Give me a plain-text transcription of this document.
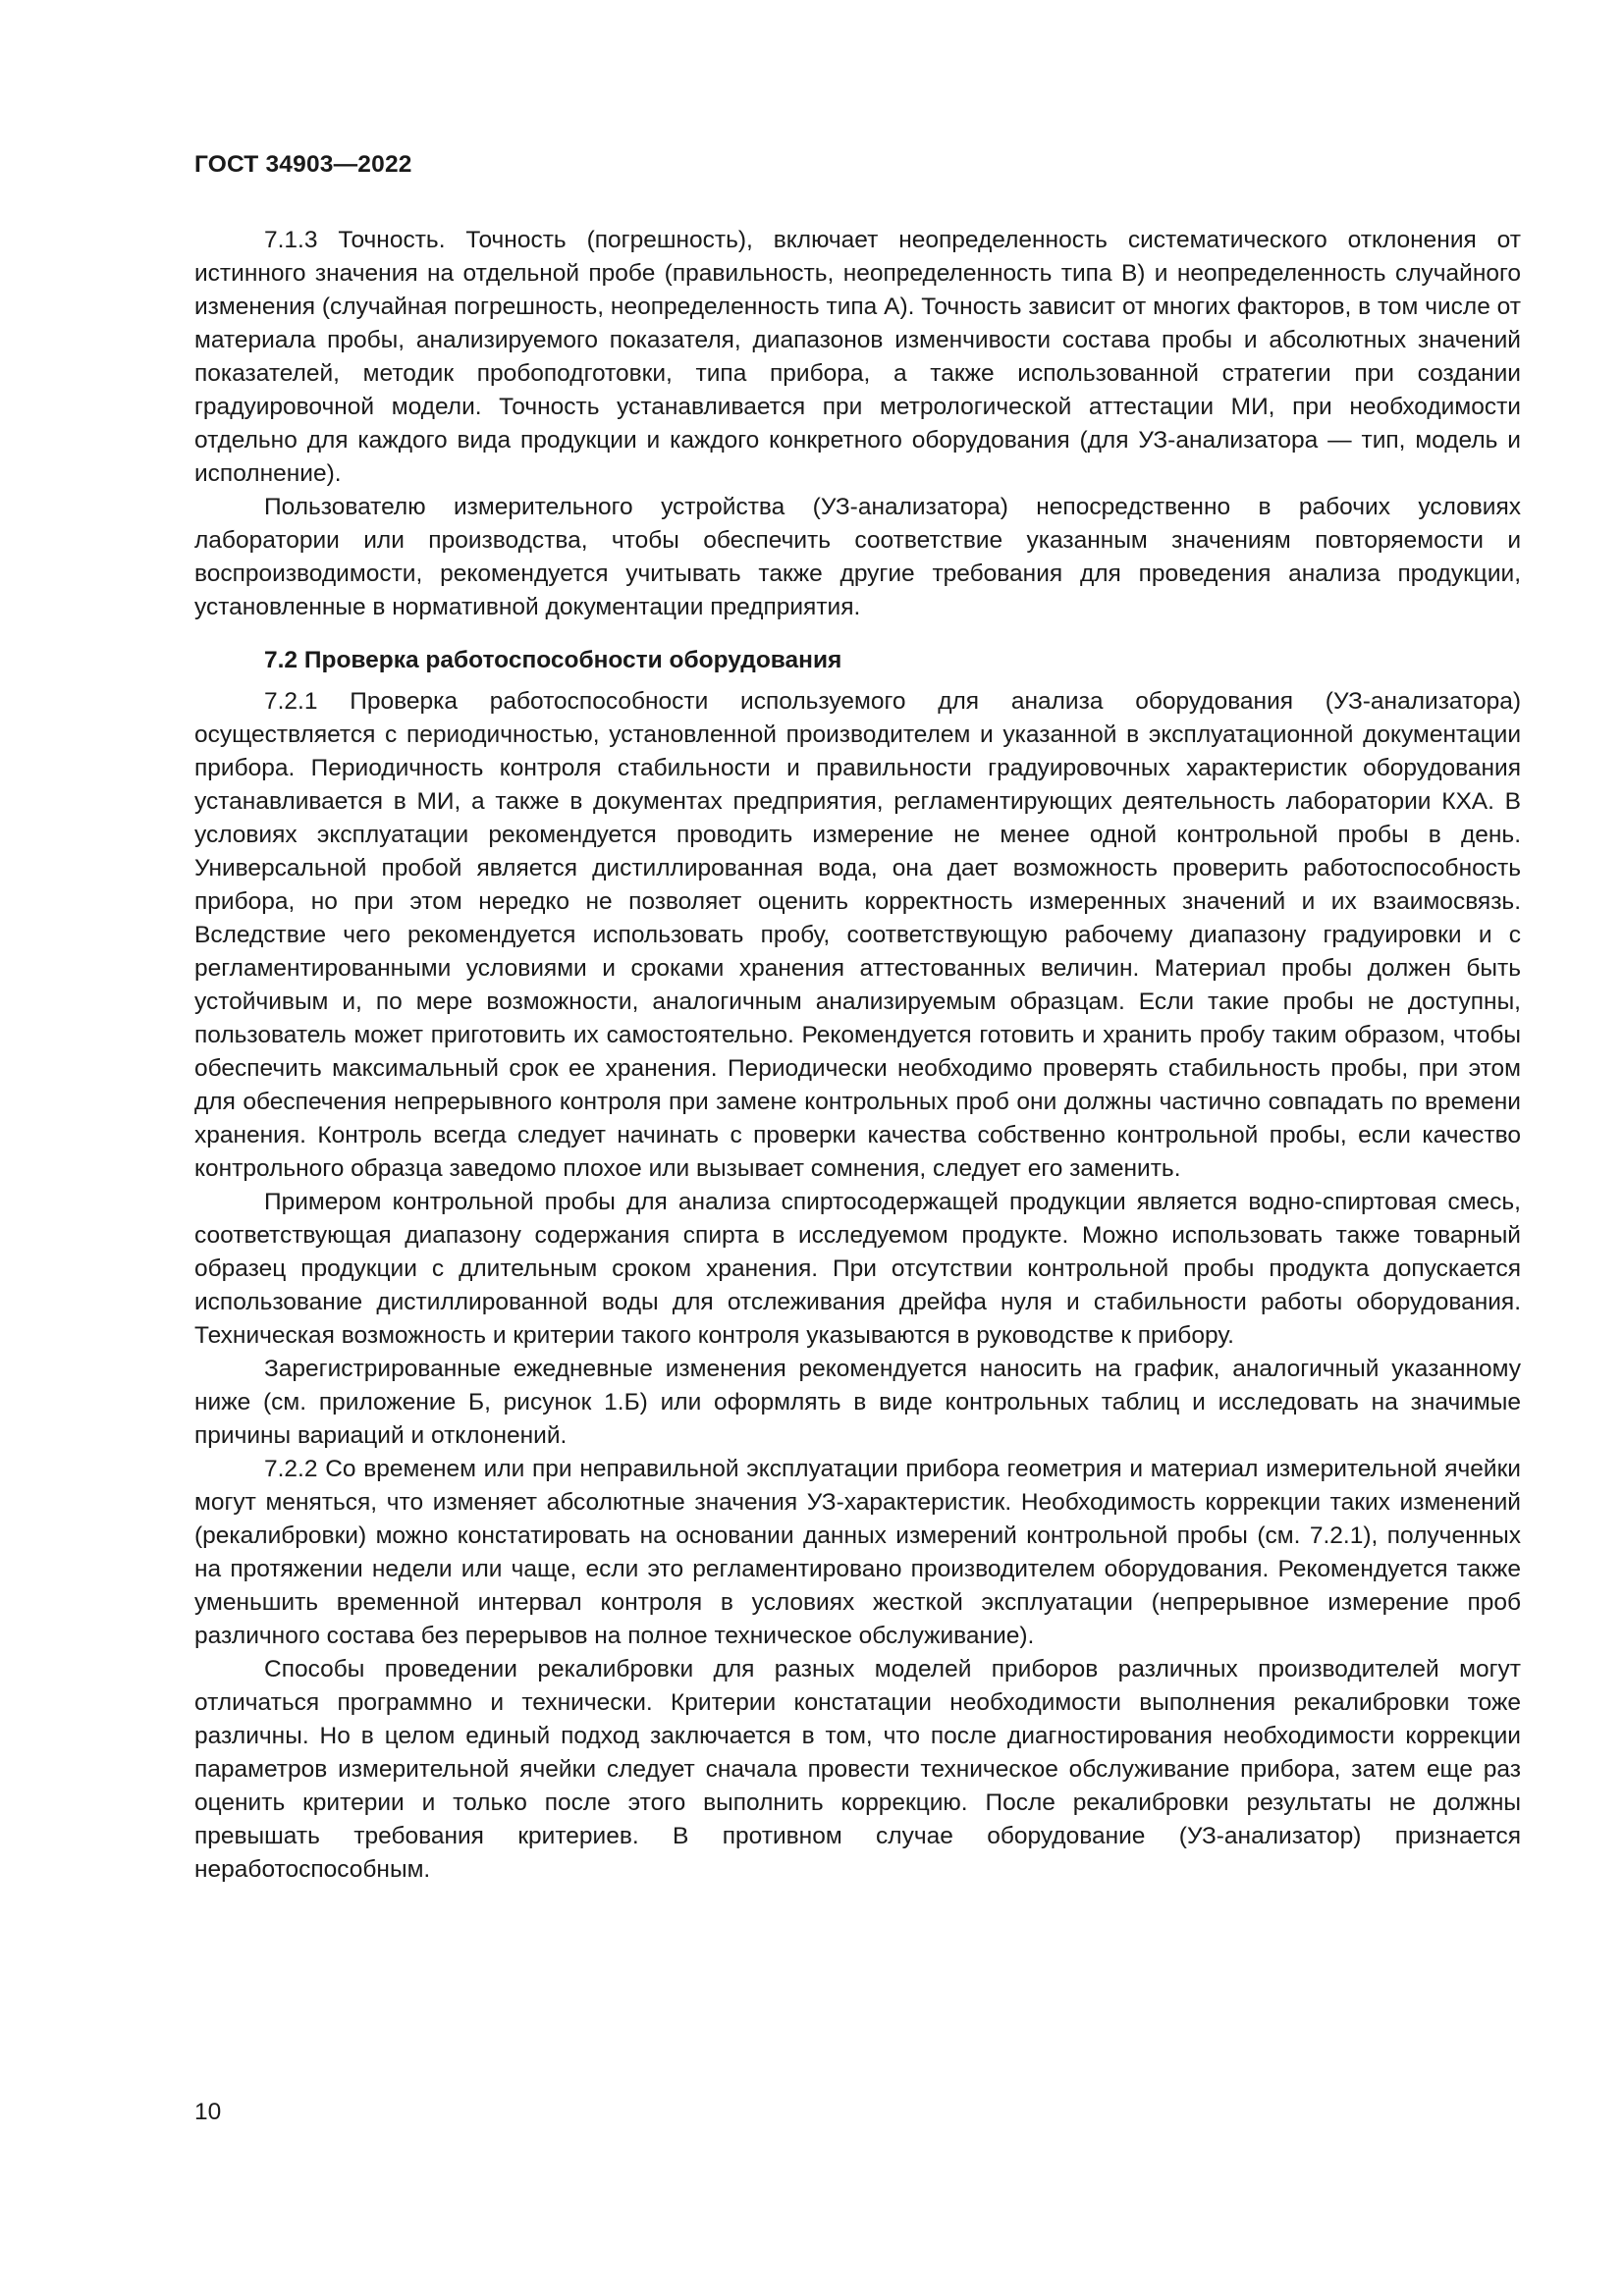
ГОСТ 34903—2022

7.1.3 Точность. Точность (погрешность), включает неопределенность систематического отклонения от истинного значения на отдельной пробе (правильность, неопределенность типа В) и неопределенность случайного изменения (случайная погрешность, неопределенность типа А). Точность зависит от многих факторов, в том числе от материала пробы, анализируемого показателя, диапазонов изменчивости состава пробы и абсолютных значений показателей, методик пробоподготовки, типа прибора, а также использованной стратегии при создании градуировочной модели. Точность устанавливается при метрологической аттестации МИ, при необходимости отдельно для каждого вида продукции и каждого конкретного оборудования (для УЗ-анализатора — тип, модель и исполнение).

Пользователю измерительного устройства (УЗ-анализатора) непосредственно в рабочих условиях лаборатории или производства, чтобы обеспечить соответствие указанным значениям повторяемости и воспроизводимости, рекомендуется учитывать также другие требования для проведения анализа продукции, установленные в нормативной документации предприятия.

7.2 Проверка работоспособности оборудования

7.2.1 Проверка работоспособности используемого для анализа оборудования (УЗ-анализатора) осуществляется с периодичностью, установленной производителем и указанной в эксплуатационной документации прибора. Периодичность контроля стабильности и правильности градуировочных характеристик оборудования устанавливается в МИ, а также в документах предприятия, регламентирующих деятельность лаборатории КХА. В условиях эксплуатации рекомендуется проводить измерение не менее одной контрольной пробы в день. Универсальной пробой является дистиллированная вода, она дает возможность проверить работоспособность прибора, но при этом нередко не позволяет оценить корректность измеренных значений и их взаимосвязь. Вследствие чего рекомендуется использовать пробу, соответствующую рабочему диапазону градуировки и с регламентированными условиями и сроками хранения аттестованных величин. Материал пробы должен быть устойчивым и, по мере возможности, аналогичным анализируемым образцам. Если такие пробы не доступны, пользователь может приготовить их самостоятельно. Рекомендуется готовить и хранить пробу таким образом, чтобы обеспечить максимальный срок ее хранения. Периодически необходимо проверять стабильность пробы, при этом для обеспечения непрерывного контроля при замене контрольных проб они должны частично совпадать по времени хранения. Контроль всегда следует начинать с проверки качества собственно контрольной пробы, если качество контрольного образца заведомо плохое или вызывает сомнения, следует его заменить.

Примером контрольной пробы для анализа спиртосодержащей продукции является водно-спиртовая смесь, соответствующая диапазону содержания спирта в исследуемом продукте. Можно использовать также товарный образец продукции с длительным сроком хранения. При отсутствии контрольной пробы продукта допускается использование дистиллированной воды для отслеживания дрейфа нуля и стабильности работы оборудования. Техническая возможность и критерии такого контроля указываются в руководстве к прибору.

Зарегистрированные ежедневные изменения рекомендуется наносить на график, аналогичный указанному ниже (см. приложение Б, рисунок 1.Б) или оформлять в виде контрольных таблиц и исследовать на значимые причины вариаций и отклонений.

7.2.2 Со временем или при неправильной эксплуатации прибора геометрия и материал измерительной ячейки могут меняться, что изменяет абсолютные значения УЗ-характеристик. Необходимость коррекции таких изменений (рекалибровки) можно констатировать на основании данных измерений контрольной пробы (см. 7.2.1), полученных на протяжении недели или чаще, если это регламентировано производителем оборудования. Рекомендуется также уменьшить временной интервал контроля в условиях жесткой эксплуатации (непрерывное измерение проб различного состава без перерывов на полное техническое обслуживание).

Способы проведении рекалибровки для разных моделей приборов различных производителей могут отличаться программно и технически. Критерии констатации необходимости выполнения рекалибровки тоже различны. Но в целом единый подход заключается в том, что после диагностирования необходимости коррекции параметров измерительной ячейки следует сначала провести техническое обслуживание прибора, затем еще раз оценить критерии и только после этого выполнить коррекцию. После рекалибровки результаты не должны превышать требования критериев. В противном случае оборудование (УЗ-анализатор) признается неработоспособным.

10
